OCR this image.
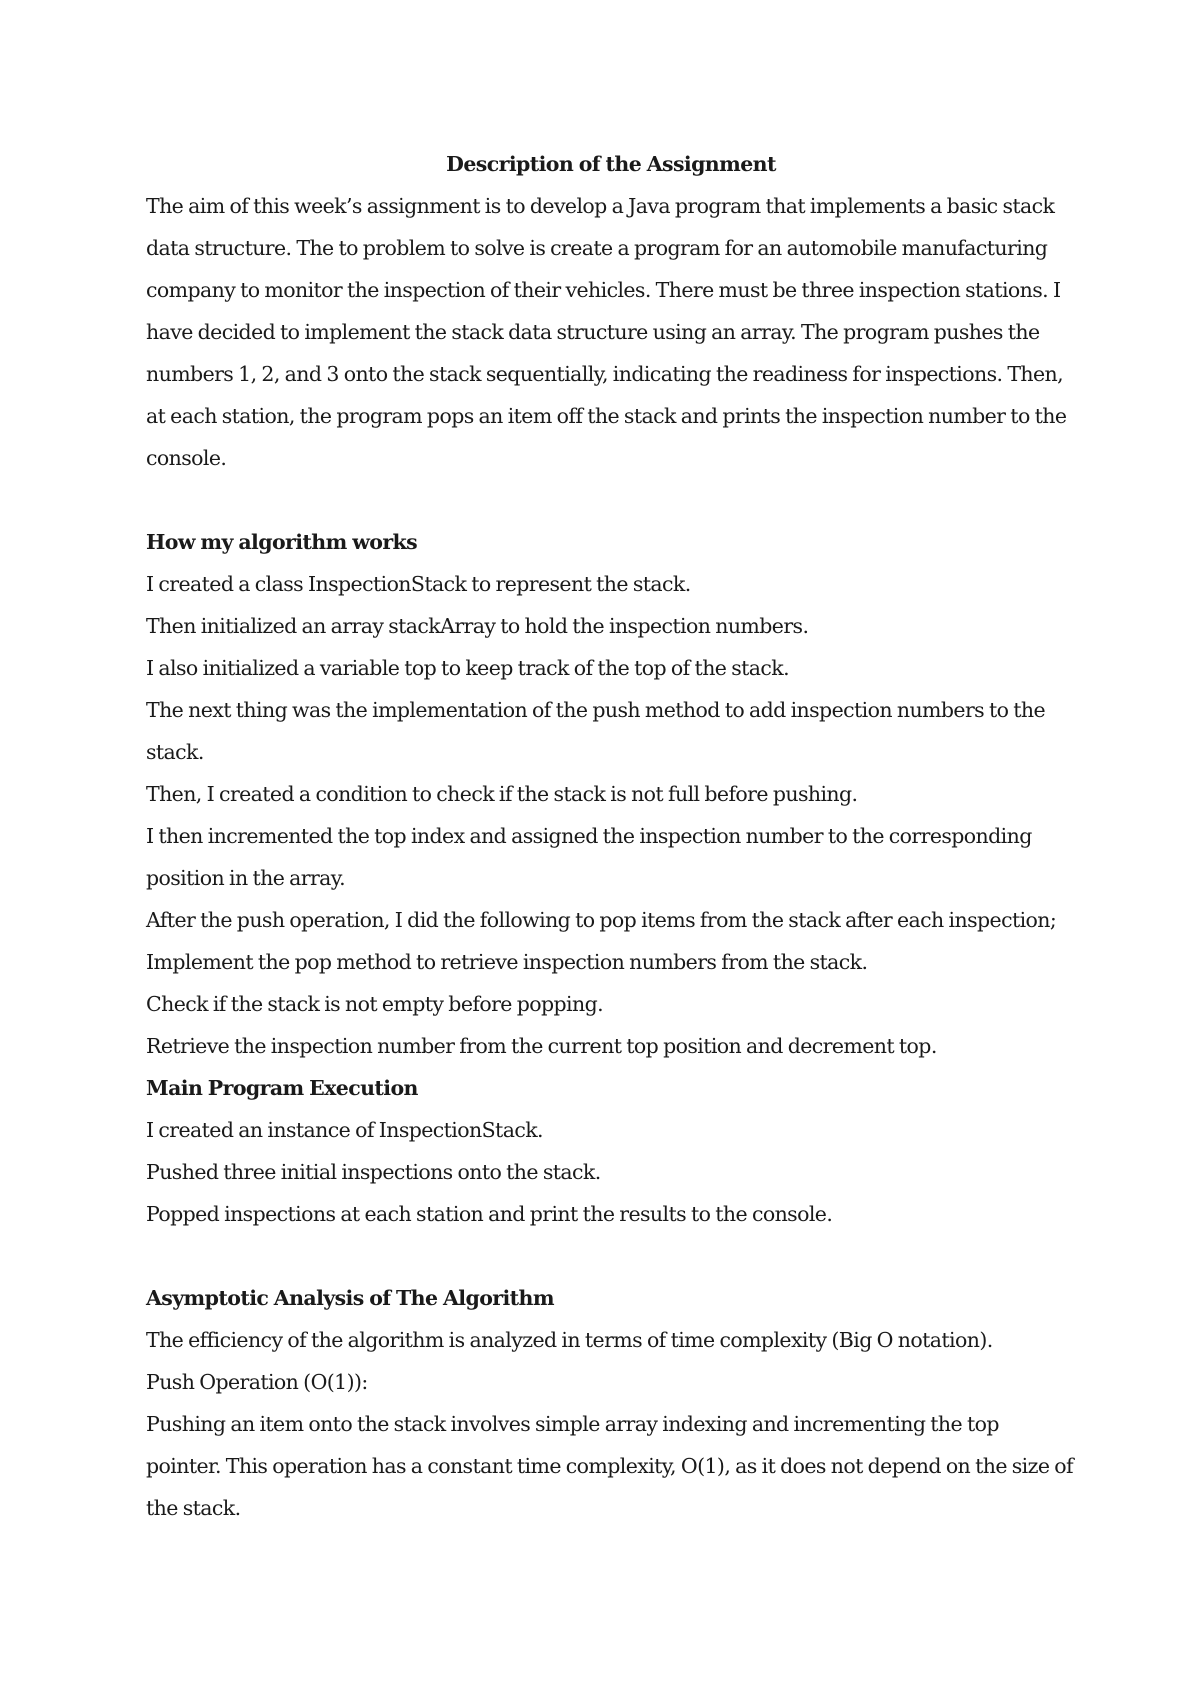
Description of the Assignment

The aim of this week’s assignment is to develop a Java program that implements a basic stack data structure. The to problem to solve is create a program for an automobile manufacturing company to monitor the inspection of their vehicles. There must be three inspection stations. I have decided to implement the stack data structure using an array. The program pushes the numbers 1, 2, and 3 onto the stack sequentially, indicating the readiness for inspections. Then, at each station, the program pops an item off the stack and prints the inspection number to the console.

How my algorithm works

I created a class InspectionStack to represent the stack.

Then initialized an array stackArray to hold the inspection numbers.

I also initialized a variable top to keep track of the top of the stack.

The next thing was the implementation of the push method to add inspection numbers to the stack.

Then, I created a condition to check if the stack is not full before pushing.

I then incremented the top index and assigned the inspection number to the corresponding position in the array.

After the push operation, I did the following to pop items from the stack after each inspection;

Implement the pop method to retrieve inspection numbers from the stack.

Check if the stack is not empty before popping.

Retrieve the inspection number from the current top position and decrement top.

Main Program Execution

I created an instance of InspectionStack.

Pushed three initial inspections onto the stack.

Popped inspections at each station and print the results to the console.

Asymptotic Analysis of The Algorithm

The efficiency of the algorithm is analyzed in terms of time complexity (Big O notation).

Push Operation (O(1)):

Pushing an item onto the stack involves simple array indexing and incrementing the top pointer. This operation has a constant time complexity, O(1), as it does not depend on the size of the stack.
